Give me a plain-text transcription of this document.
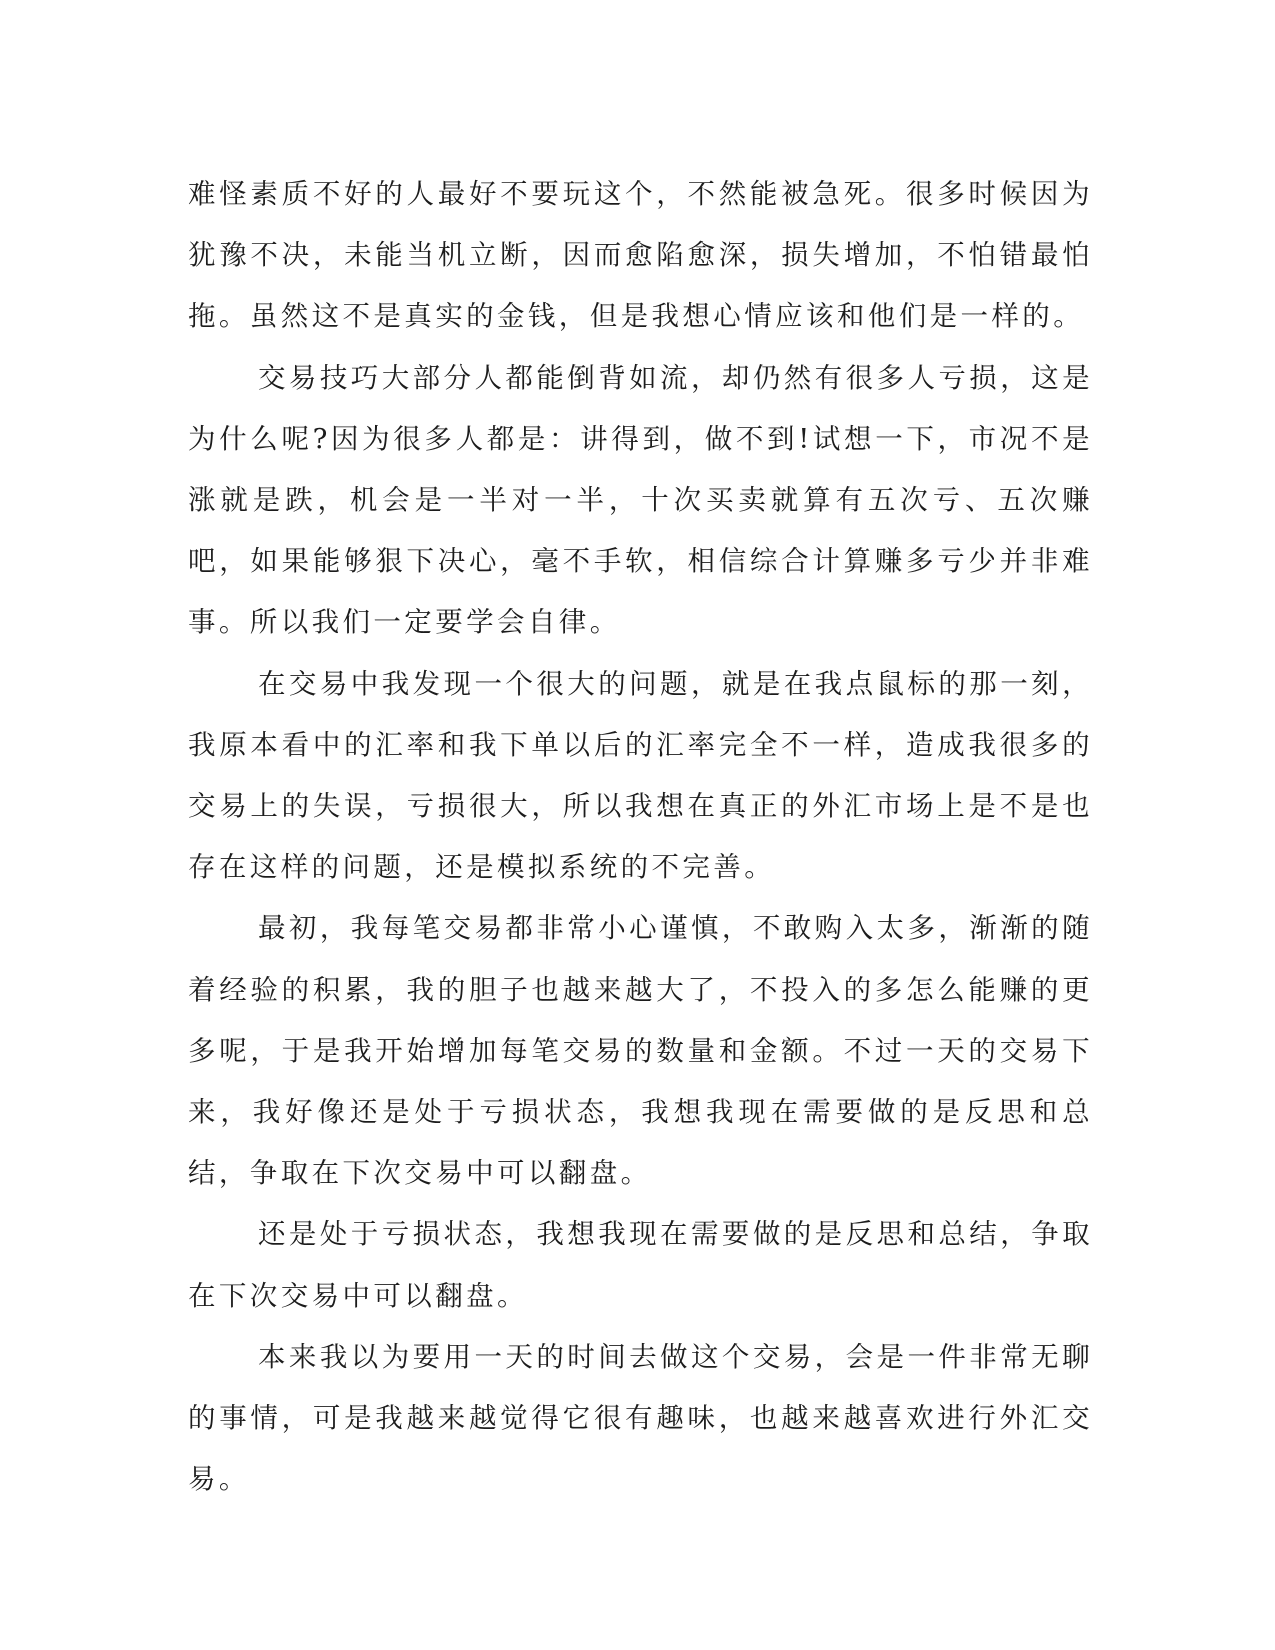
难怪素质不好的人最好不要玩这个，不然能被急死。很多时候因为犹豫不决，未能当机立断，因而愈陷愈深，损失增加，不怕错最怕拖。虽然这不是真实的金钱，但是我想心情应该和他们是一样的。

交易技巧大部分人都能倒背如流，却仍然有很多人亏损，这是为什么呢?因为很多人都是：讲得到，做不到!试想一下，市况不是涨就是跌，机会是一半对一半，十次买卖就算有五次亏、五次赚吧，如果能够狠下决心，毫不手软，相信综合计算赚多亏少并非难事。所以我们一定要学会自律。

在交易中我发现一个很大的问题，就是在我点鼠标的那一刻，我原本看中的汇率和我下单以后的汇率完全不一样，造成我很多的交易上的失误，亏损很大，所以我想在真正的外汇市场上是不是也存在这样的问题，还是模拟系统的不完善。

最初，我每笔交易都非常小心谨慎，不敢购入太多，渐渐的随着经验的积累，我的胆子也越来越大了，不投入的多怎么能赚的更多呢，于是我开始增加每笔交易的数量和金额。不过一天的交易下来，我好像还是处于亏损状态，我想我现在需要做的是反思和总结，争取在下次交易中可以翻盘。

还是处于亏损状态，我想我现在需要做的是反思和总结，争取在下次交易中可以翻盘。

本来我以为要用一天的时间去做这个交易，会是一件非常无聊的事情，可是我越来越觉得它很有趣味，也越来越喜欢进行外汇交易。
